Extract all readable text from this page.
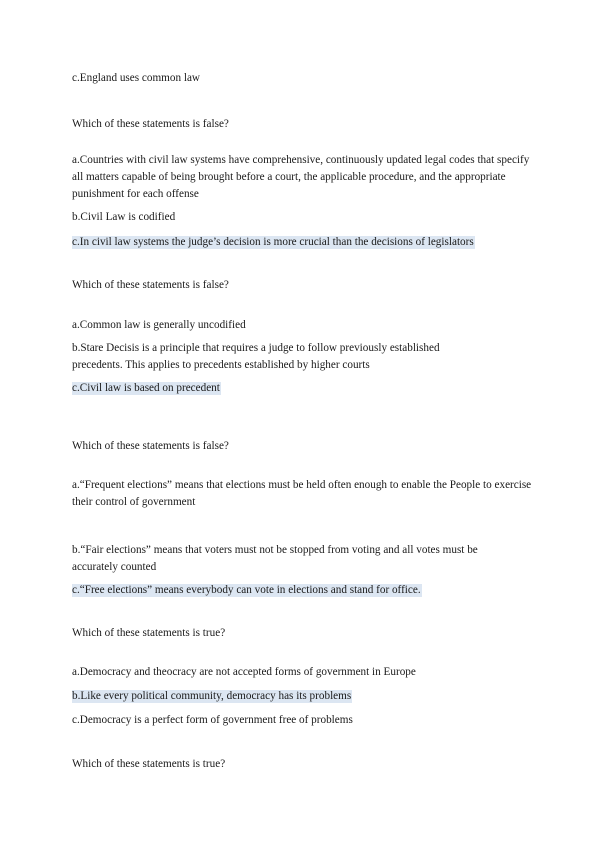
c.England uses common law
Which of these statements is false?
a.Countries with civil law systems have comprehensive, continuously updated legal codes that specify all matters capable of being brought before a court, the applicable procedure, and the appropriate punishment for each offense
b.Civil Law is codified
c.In civil law systems the judge’s decision is more crucial than the decisions of legislators
Which of these statements is false?
a.Common law is generally uncodified
b.Stare Decisis is a principle that requires a judge to follow previously established precedents. This applies to precedents established by higher courts
c.Civil law is based on precedent
Which of these statements is false?
a.“Frequent elections” means that elections must be held often enough to enable the People to exercise their control of government
b.“Fair elections” means that voters must not be stopped from voting and all votes must be accurately counted
c.“Free elections” means everybody can vote in elections and stand for office.
Which of these statements is true?
a.Democracy and theocracy are not accepted forms of government in Europe
b.Like every political community, democracy has its problems
c.Democracy is a perfect form of government free of problems
Which of these statements is true?
